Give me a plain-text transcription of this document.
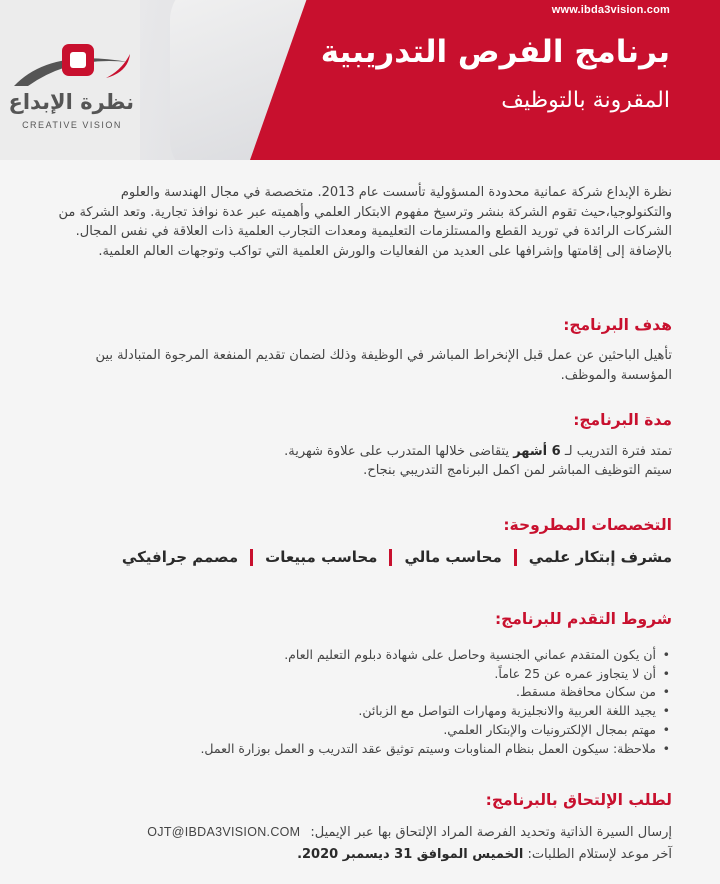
www.ibda3vision.com
برنامج الفرص التدريبية
المقرونة بالتوظيف
نظرة الإبداع
CREATIVE VISION

نظرة الإبداع شركة عمانية محدودة المسؤولية تأسست عام 2013. متخصصة في مجال الهندسة والعلوم والتكنولوجيا،حيث تقوم الشركة بنشر وترسيخ مفهوم الابتكار العلمي وأهميته عبر عدة نوافذ تجارية. وتعد الشركة من الشركات الرائدة في توريد القطع والمستلزمات التعليمية ومعدات التجارب العلمية ذات العلاقة في نفس المجال. بالإضافة إلى إقامتها وإشرافها على العديد من الفعاليات والورش العلمية التي تواكب وتوجهات العالم العلمية.

هدف البرنامج:

تأهيل الباحثين عن عمل قبل الإنخراط المباشر في الوظيفة وذلك لضمان تقديم المنفعة المرجوة المتبادلة بين المؤسسة والموظف.

مدة البرنامج:
تمتد فترة التدريب لـ 6 أشهر يتقاضى خلالها المتدرب على علاوة شهرية.
سيتم التوظيف المباشر لمن اكمل البرنامج التدريبي بنجاح.
التخصصات المطروحة:
مشرف إبتكار علمي
محاسب مالي
محاسب مبيعات
مصمم جرافيكي
شروط التقدم للبرنامج:
• أن يكون المتقدم عماني الجنسية وحاصل على شهادة دبلوم التعليم العام.
• أن لا يتجاوز عمره عن 25 عاماً.
• من سكان محافظة مسقط.
• يجيد اللغة العربية والانجليزية ومهارات التواصل مع الزبائن.
• مهتم بمجال الإلكترونيات والإبتكار العلمي.
• ملاحظة: سيكون العمل بنظام المناوبات وسيتم توثيق عقد التدريب و العمل بوزارة العمل.
لطلب الإلتحاق بالبرنامج:
إرسال السيرة الذاتية وتحديد الفرصة المراد الإلتحاق بها عبر الإيميل:
OJT@IBDA3VISION.COM
آخر موعد لإستلام الطلبات: الخميس الموافق 31 ديسمبر 2020.
